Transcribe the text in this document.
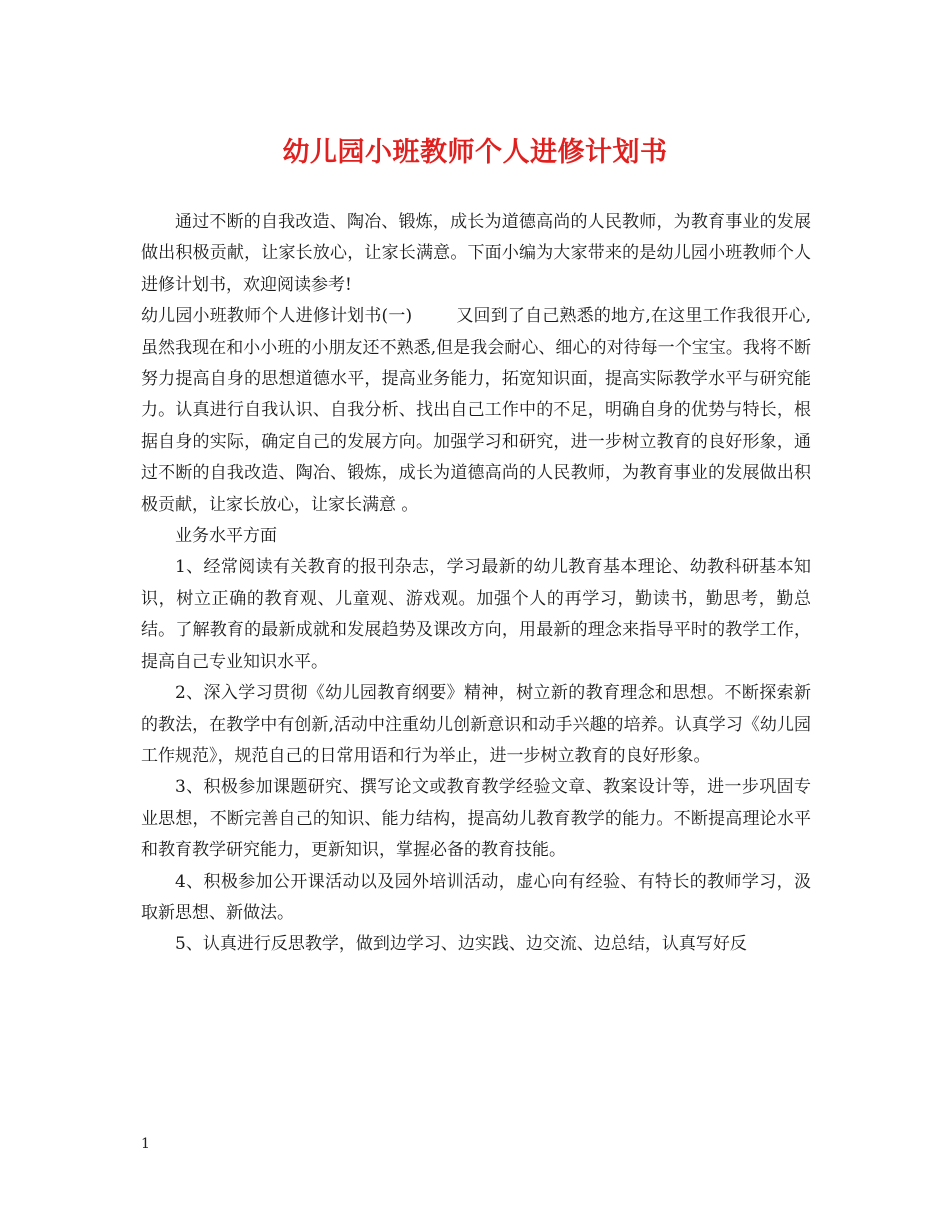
幼儿园小班教师个人进修计划书

通过不断的自我改造、陶冶、锻炼，成长为道德高尚的人民教师，为教育事业的发展做出积极贡献，让家长放心，让家长满意。下面小编为大家带来的是幼儿园小班教师个人进修计划书，欢迎阅读参考!

幼儿园小班教师个人进修计划书(一)	又回到了自己熟悉的地方,在这里工作我很开心,虽然我现在和小小班的小朋友还不熟悉,但是我会耐心、细心的对待每一个宝宝。我将不断努力提高自身的思想道德水平，提高业务能力，拓宽知识面，提高实际教学水平与研究能力。认真进行自我认识、自我分析、找出自己工作中的不足，明确自身的优势与特长，根据自身的实际，确定自己的发展方向。加强学习和研究，进一步树立教育的良好形象，通过不断的自我改造、陶冶、锻炼，成长为道德高尚的人民教师，为教育事业的发展做出积极贡献，让家长放心，让家长满意 。

业务水平方面

1、经常阅读有关教育的报刊杂志，学习最新的幼儿教育基本理论、幼教科研基本知识，树立正确的教育观、儿童观、游戏观。加强个人的再学习，勤读书，勤思考，勤总结。了解教育的最新成就和发展趋势及课改方向，用最新的理念来指导平时的教学工作，提高自己专业知识水平。

2、深入学习贯彻《幼儿园教育纲要》精神，树立新的教育理念和思想。不断探索新的教法，在教学中有创新,活动中注重幼儿创新意识和动手兴趣的培养。认真学习《幼儿园工作规范》，规范自己的日常用语和行为举止，进一步树立教育的良好形象。

3、积极参加课题研究、撰写论文或教育教学经验文章、教案设计等，进一步巩固专业思想，不断完善自己的知识、能力结构，提高幼儿教育教学的能力。不断提高理论水平和教育教学研究能力，更新知识，掌握必备的教育技能。

4、积极参加公开课活动以及园外培训活动，虚心向有经验、有特长的教师学习，汲取新思想、新做法。

5、认真进行反思教学，做到边学习、边实践、边交流、边总结，认真写好反

1
